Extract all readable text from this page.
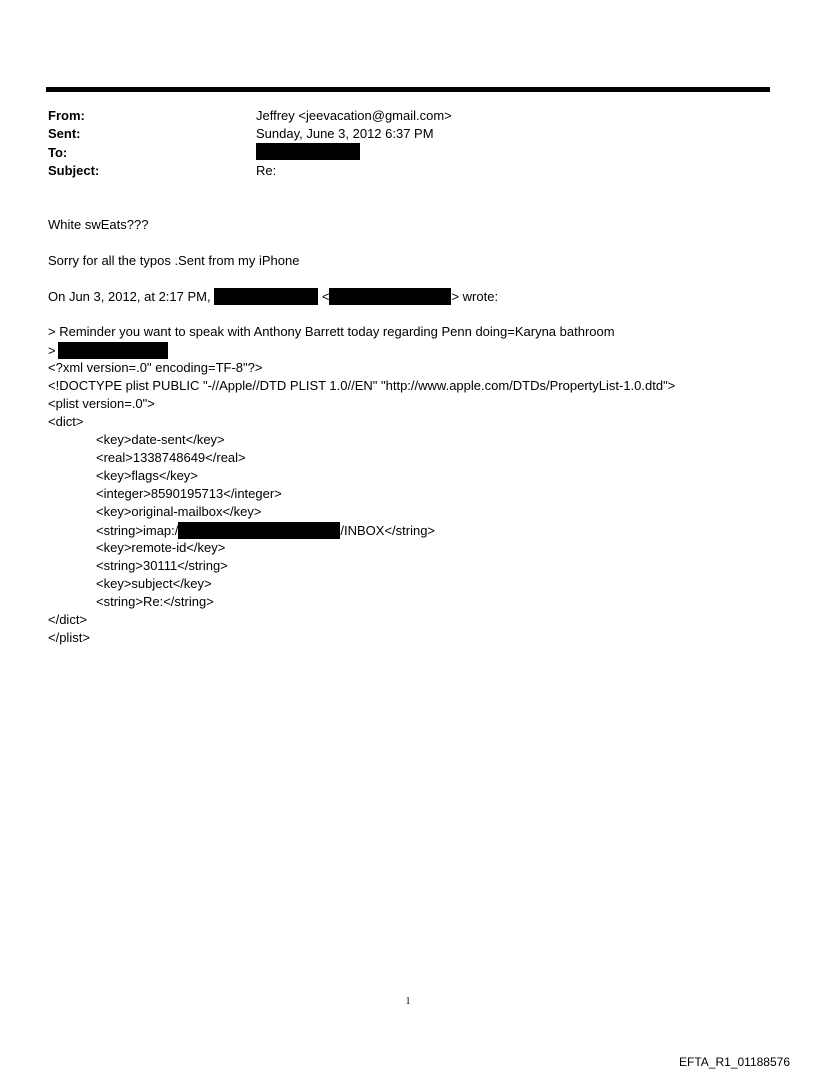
From:	Jeffrey <jeevacation@gmail.com>
Sent:	Sunday, June 3, 2012 6:37 PM
To:
Subject:	Re:
White swEats???
Sorry for all the typos .Sent from my iPhone
On Jun 3, 2012, at 2:17 PM,	<	> wrote:
> Reminder you want to speak with Anthony Barrett today regarding Penn doing=Karyna bathroom
>
<?xml version=.0" encoding=TF-8"?>
<!DOCTYPE plist PUBLIC "-//Apple//DTD PLIST 1.0//EN" "http://www.apple.com/DTDs/PropertyList-1.0.dtd">
<plist version=.0">
<dict>
<key>date-sent</key>
<real>1338748649</real>
<key>flags</key>
<integer>8590195713</integer>
<key>original-mailbox</key>
<string>imap:/	/INBOX</string>
<key>remote-id</key>
<string>30111</string>
<key>subject</key>
<string>Re:</string>
</dict>
</plist>
1
EFTA_R1_01188576
